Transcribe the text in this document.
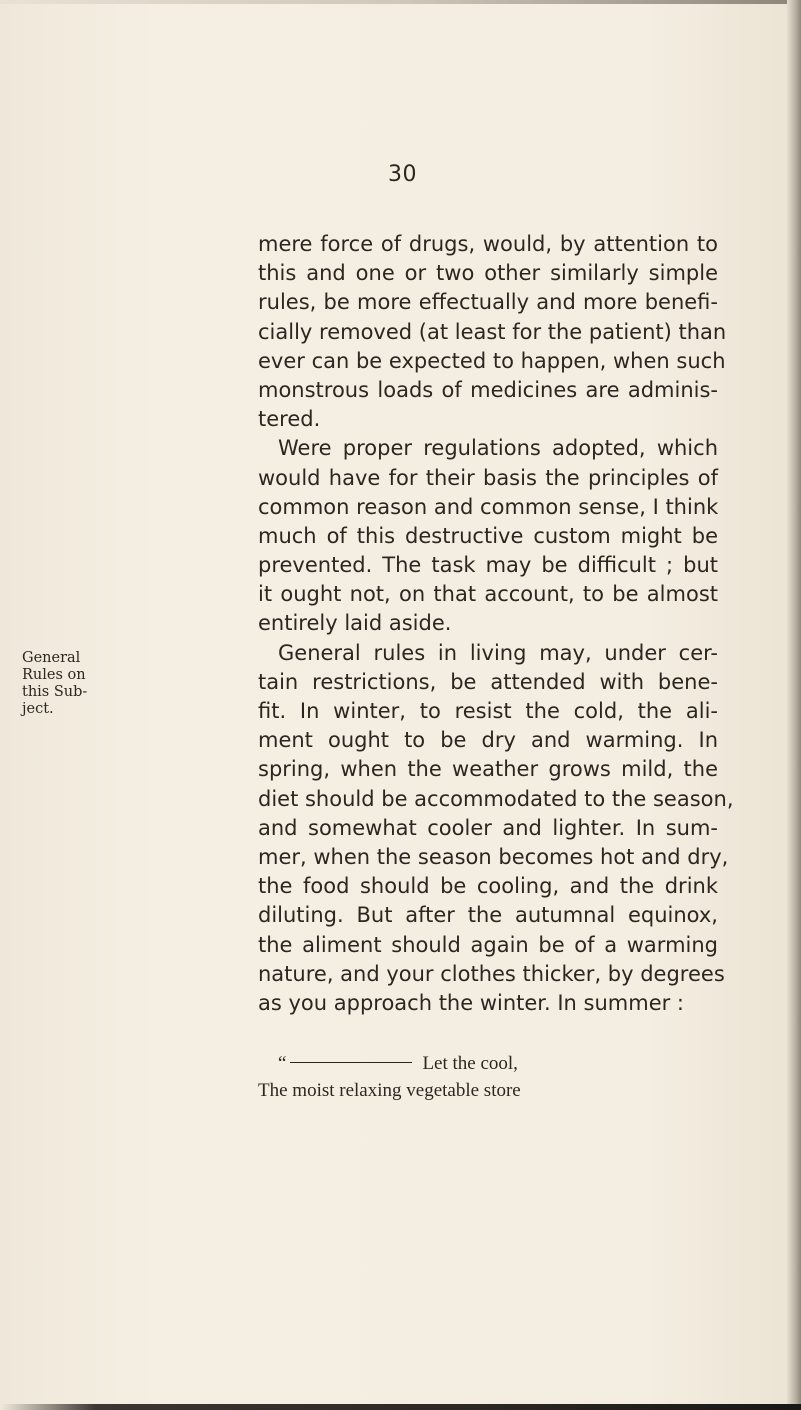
30
General
Rules on
this Sub-
ject.
mere force of drugs, would, by attention to
this and one or two other similarly simple
rules, be more effectually and more benefi-
cially removed (at least for the patient) than
ever can be expected to happen, when such
monstrous loads of medicines are adminis-
tered.
Were proper regulations adopted, which
would have for their basis the principles of
common reason and common sense, I think
much of this destructive custom might be
prevented. The task may be difficult ; but
it ought not, on that account, to be almost
entirely laid aside.
General rules in living may, under cer-
tain restrictions, be attended with bene-
fit. In winter, to resist the cold, the ali-
ment ought to be dry and warming. In
spring, when the weather grows mild, the
diet should be accommodated to the season,
and somewhat cooler and lighter. In sum-
mer, when the season becomes hot and dry,
the food should be cooling, and the drink
diluting. But after the autumnal equinox,
the aliment should again be of a warming
nature, and your clothes thicker, by degrees
as you approach the winter. In summer :
“	Let the cool,
The moist relaxing vegetable store
